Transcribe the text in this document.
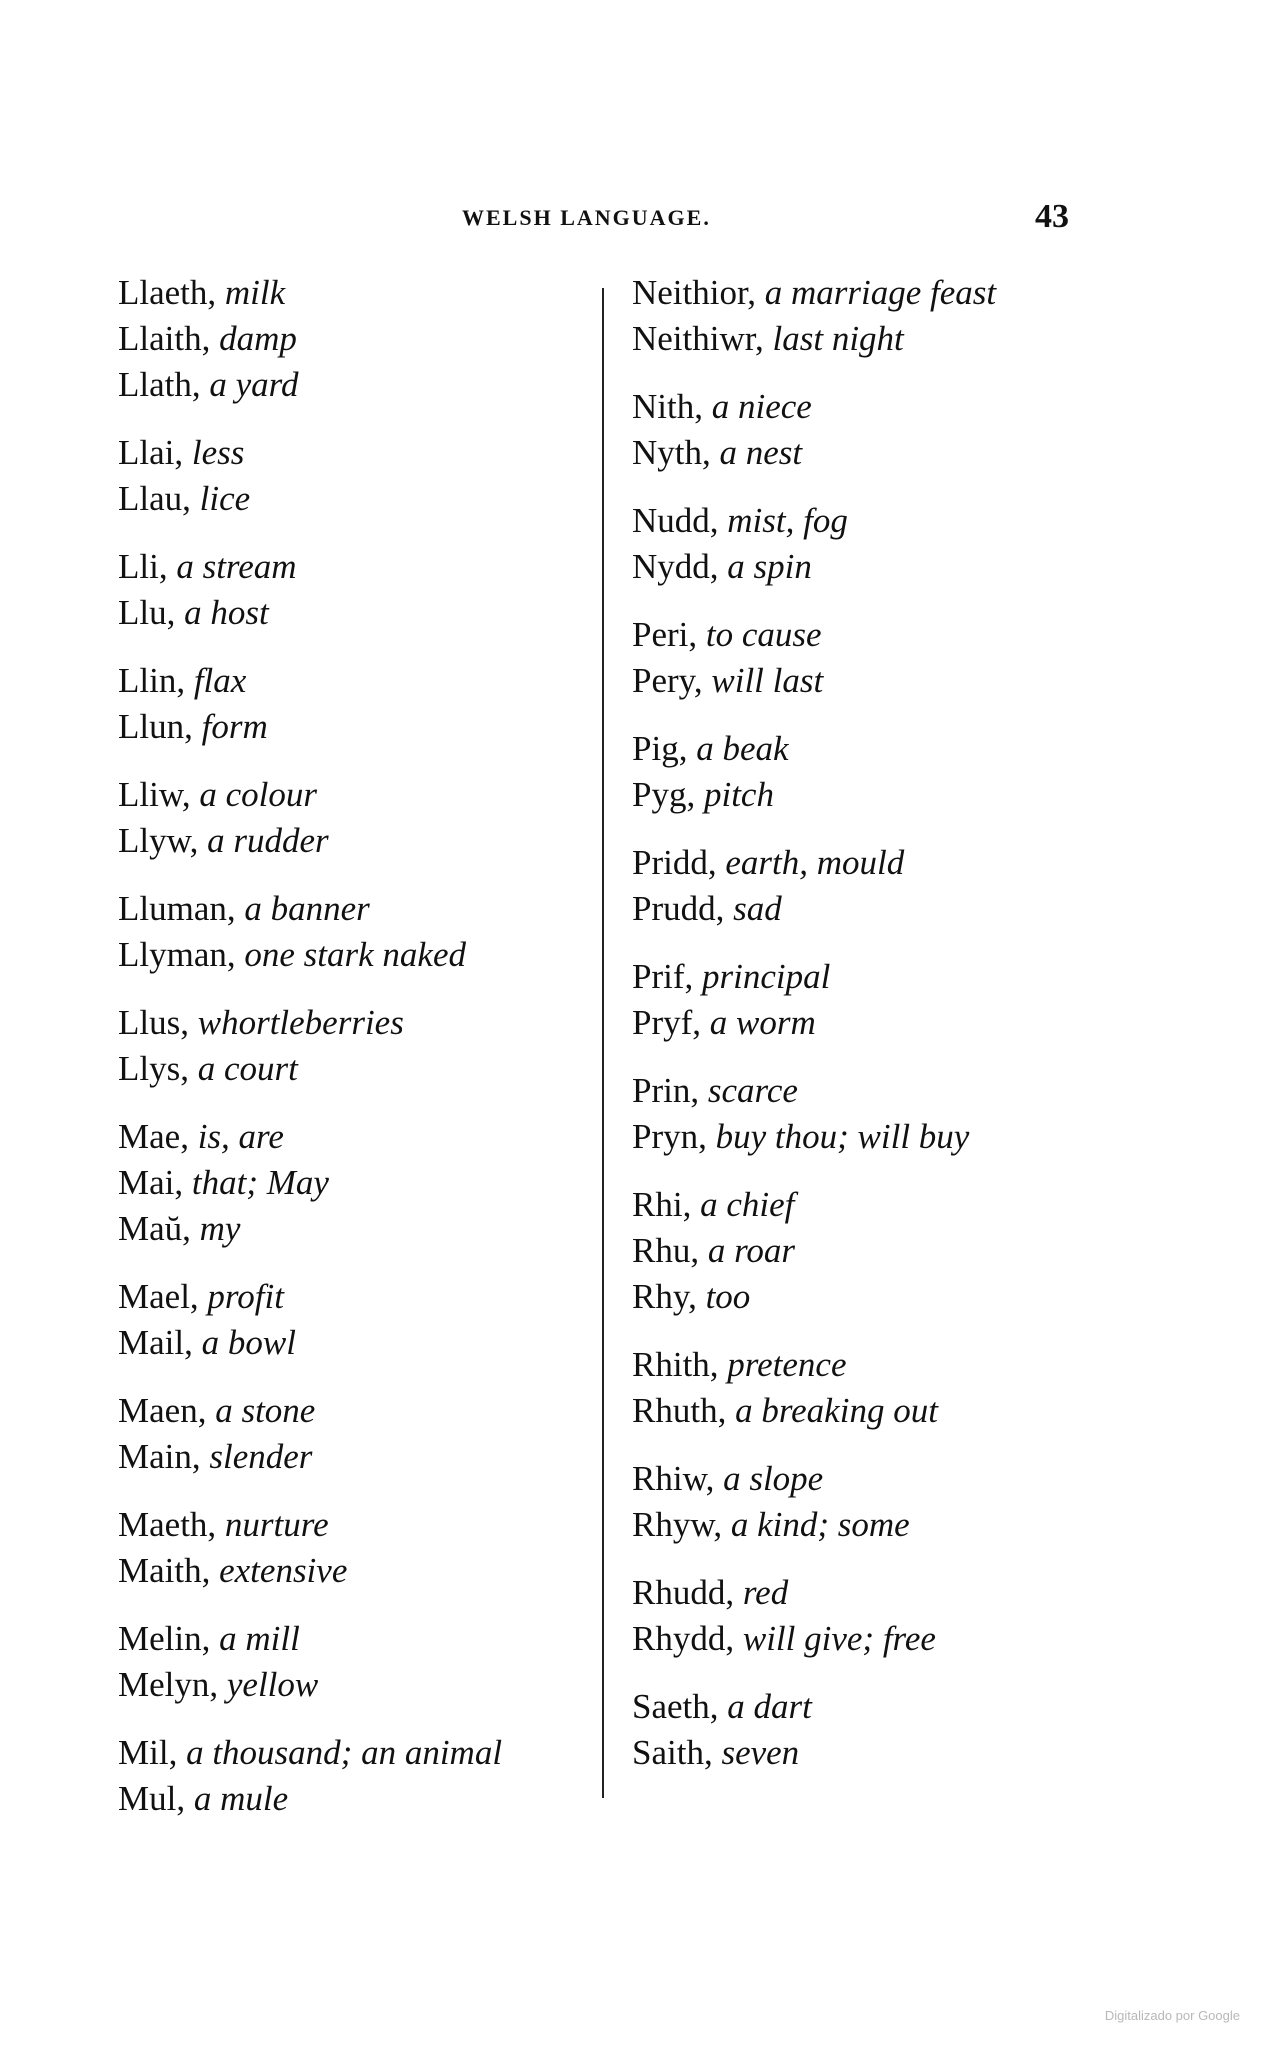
WELSH LANGUAGE.	43
Llaeth, milk
Llaith, damp
Llath, a yard
Llai, less
Llau, lice
Lli, a stream
Llu, a host
Llin, flax
Llun, form
Lliw, a colour
Llyw, a rudder
Lluman, a banner
Llyman, one stark naked
Llus, whortleberries
Llys, a court
Mae, is, are
Mai, that; May
Maŭ, my
Mael, profit
Mail, a bowl
Maen, a stone
Main, slender
Maeth, nurture
Maith, extensive
Melin, a mill
Melyn, yellow
Mil, a thousand; an animal
Mul, a mule
Neithior, a marriage feast
Neithiwr, last night
Nith, a niece
Nyth, a nest
Nudd, mist, fog
Nydd, a spin
Peri, to cause
Pery, will last
Pig, a beak
Pyg, pitch
Pridd, earth, mould
Prudd, sad
Prif, principal
Pryf, a worm
Prin, scarce
Pryn, buy thou; will buy
Rhi, a chief
Rhu, a roar
Rhy, too
Rhith, pretence
Rhuth, a breaking out
Rhiw, a slope
Rhyw, a kind; some
Rhudd, red
Rhydd, will give; free
Saeth, a dart
Saith, seven
Digitalizado por Google
